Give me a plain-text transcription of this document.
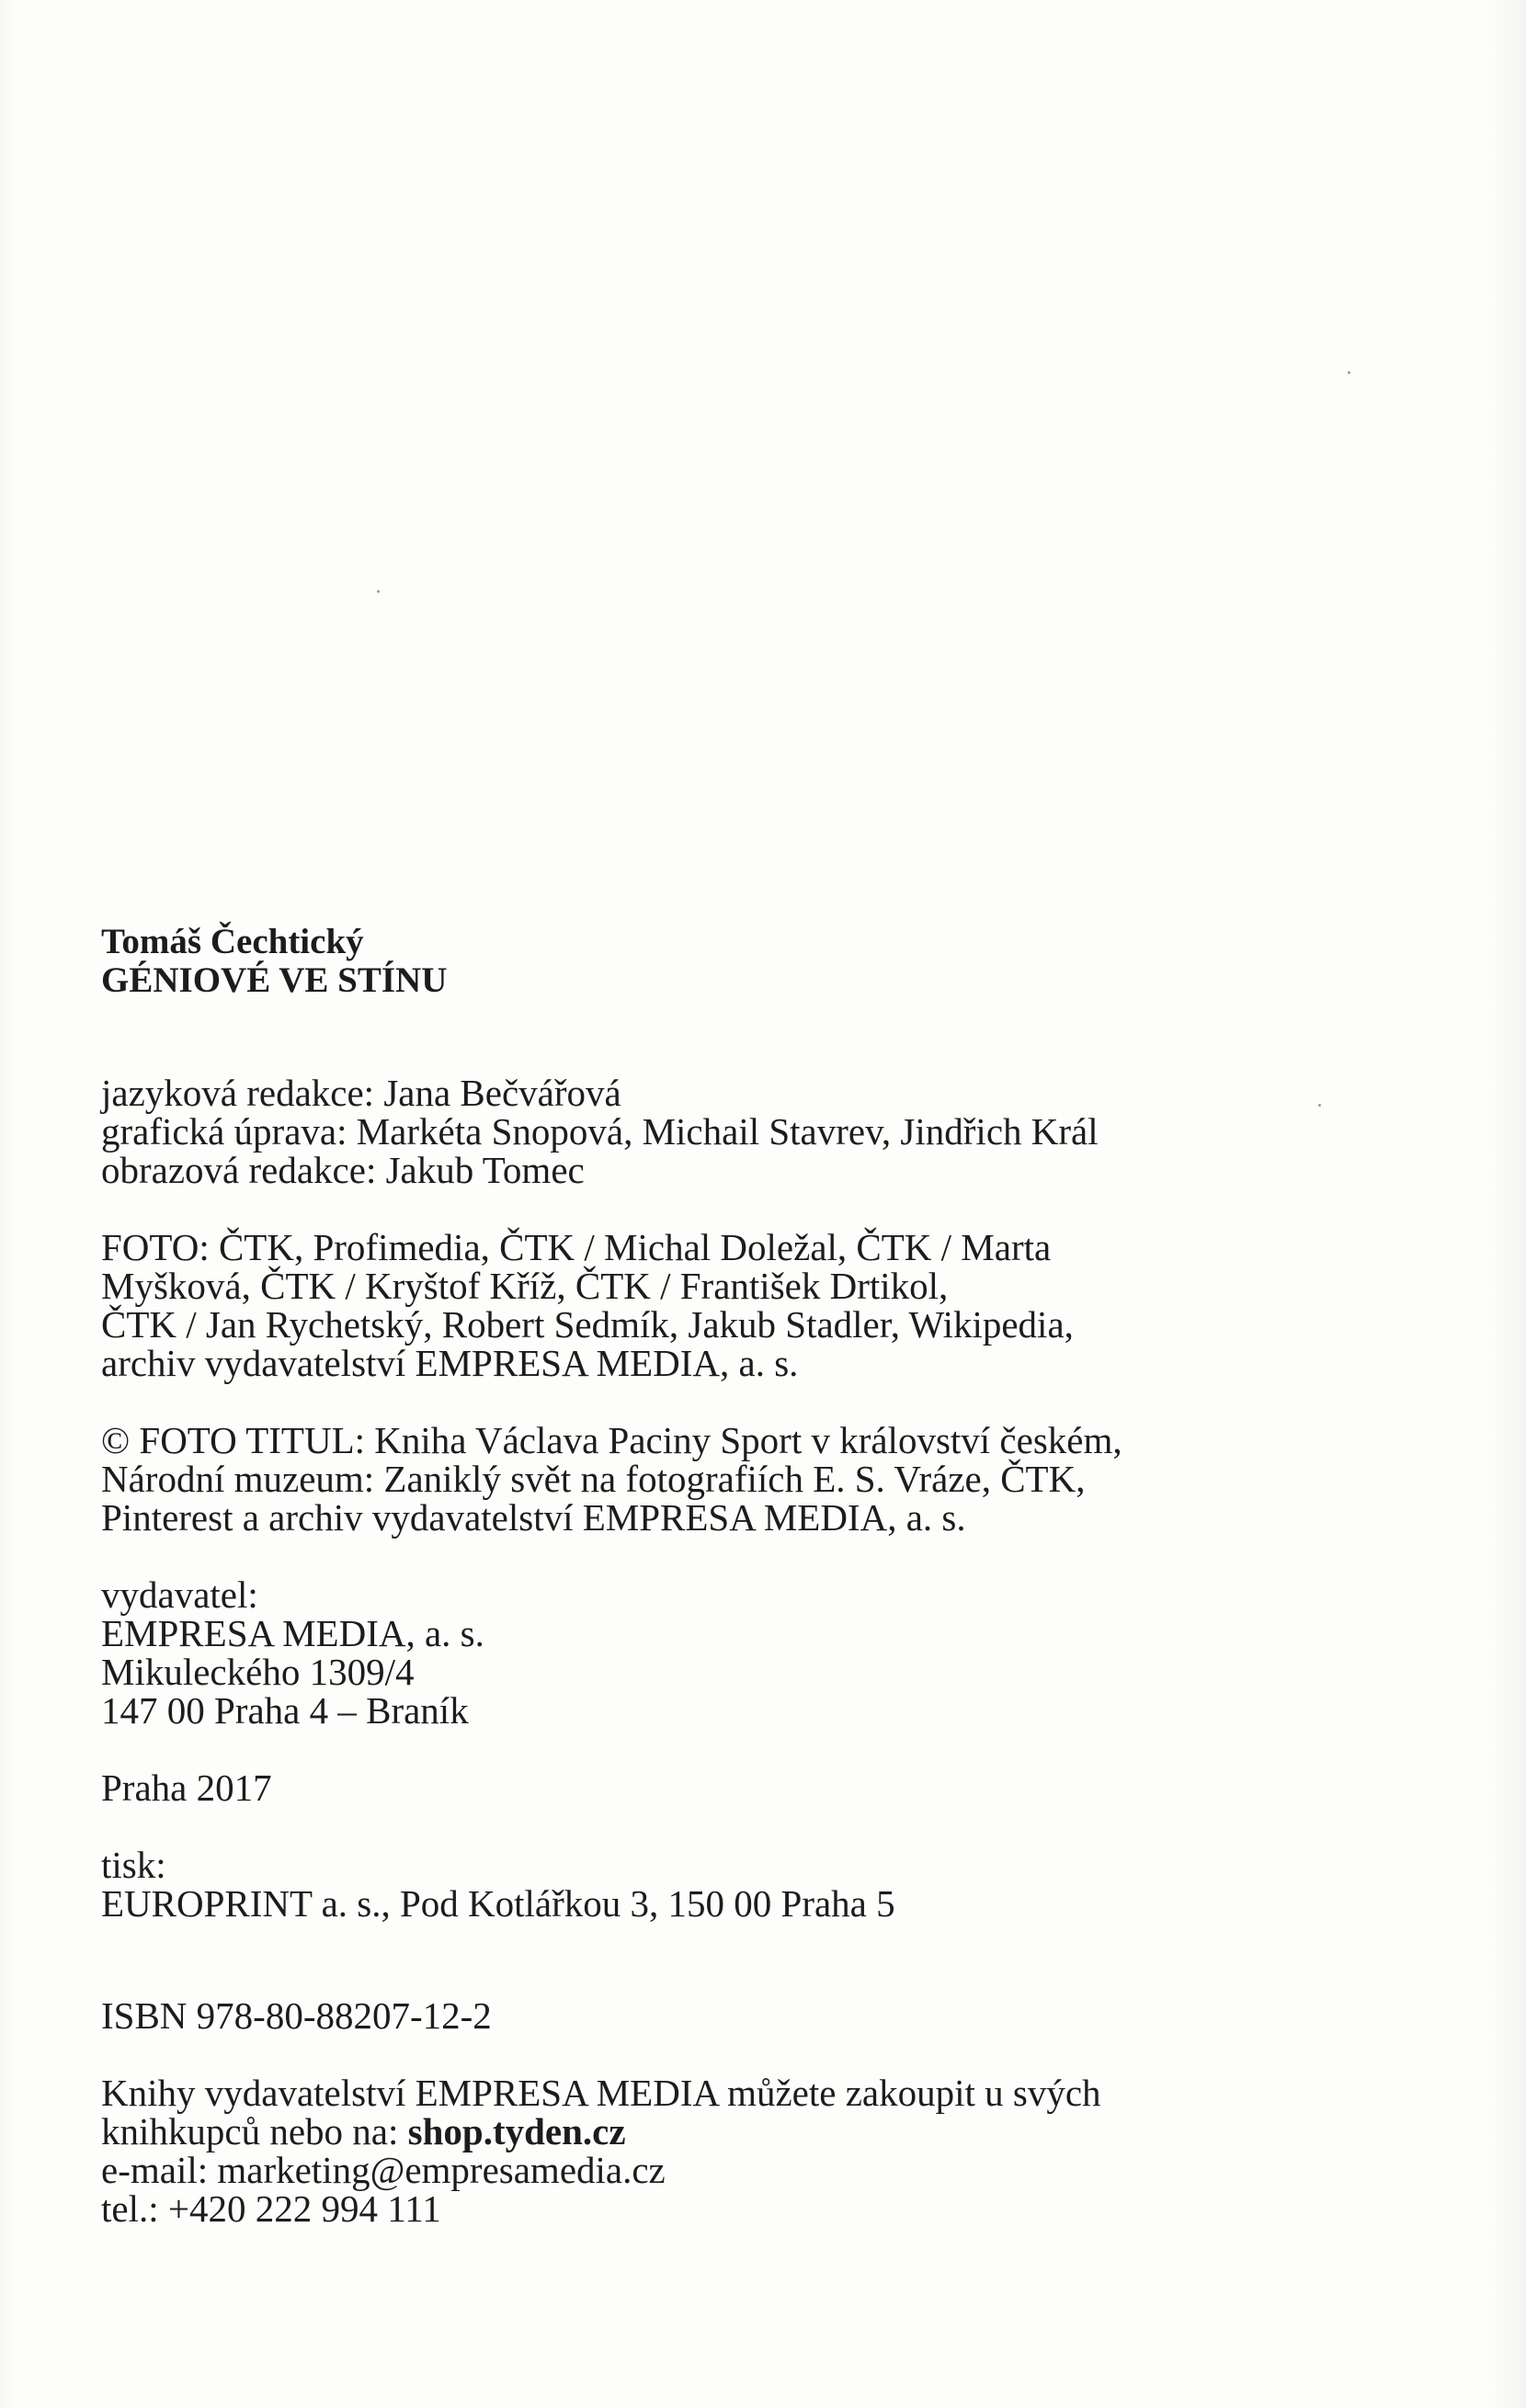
Tomáš Čechtický
GÉNIOVÉ VE STÍNU
jazyková redakce: Jana Bečvářová
grafická úprava: Markéta Snopová, Michail Stavrev, Jindřich Král
obrazová redakce: Jakub Tomec
FOTO: ČTK, Profimedia, ČTK / Michal Doležal, ČTK / Marta
Myšková, ČTK / Kryštof Kříž, ČTK / František Drtikol,
ČTK / Jan Rychetský, Robert Sedmík, Jakub Stadler, Wikipedia,
archiv vydavatelství EMPRESA MEDIA, a. s.
© FOTO TITUL: Kniha Václava Paciny Sport v království českém,
Národní muzeum: Zaniklý svět na fotografiích E. S. Vráze, ČTK,
Pinterest a archiv vydavatelství EMPRESA MEDIA, a. s.
vydavatel:
EMPRESA MEDIA, a. s.
Mikuleckého 1309/4
147 00 Praha 4 – Braník
Praha 2017
tisk:
EUROPRINT a. s., Pod Kotlářkou 3, 150 00 Praha 5
ISBN 978-80-88207-12-2
Knihy vydavatelství EMPRESA MEDIA můžete zakoupit u svých
knihkupců nebo na: shop.tyden.cz
e-mail: marketing@empresamedia.cz
tel.: +420 222 994 111
